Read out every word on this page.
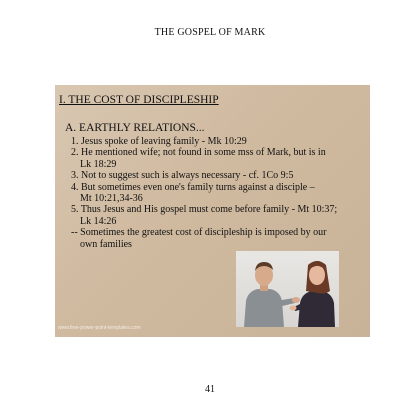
THE GOSPEL OF MARK
I. THE COST OF DISCIPLESHIP
A. EARTHLY RELATIONS...
1. Jesus spoke of leaving family - Mk 10:29
2. He mentioned wife; not found in some mss of Mark, but is in
Lk 18:29
3. Not to suggest such is always necessary - cf. 1Co 9:5
4. But sometimes even one's family turns against a disciple –
Mt 10:21,34-36
5. Thus Jesus and His gospel must come before family - Mt 10:37;
Lk 14:26
-- Sometimes the greatest cost of discipleship is imposed by our
own families
www.free-power-point-templates.com
41
